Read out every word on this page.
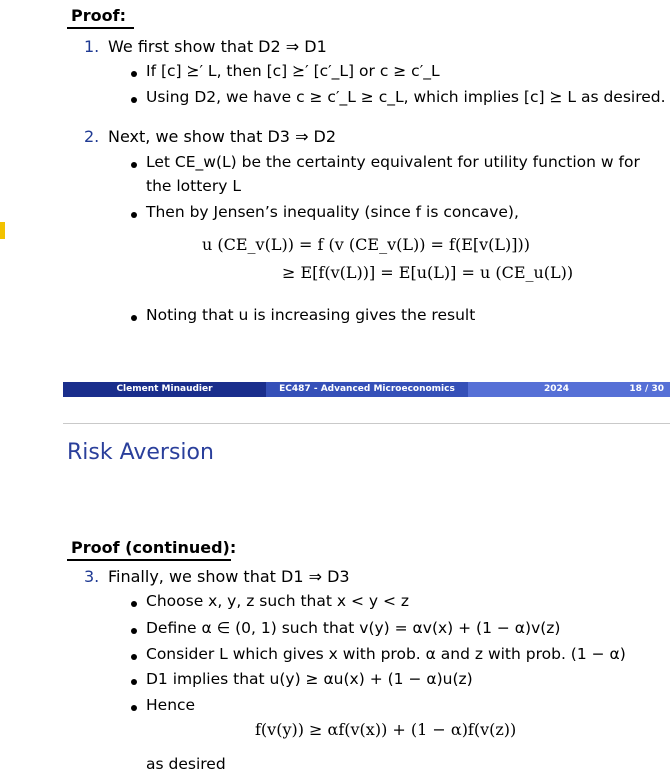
Proof:
1. We first show that D2 ⇒ D1
If [c] ⪰′ L, then [c] ⪰′ [c′_L] or c ≥ c′_L
Using D2, we have c ≥ c′_L ≥ c_L, which implies [c] ⪰ L as desired.
2. Next, we show that D3 ⇒ D2
Let CE_w(L) be the certainty equivalent for utility function w for
the lottery L
Then by Jensen’s inequality (since f is concave),
u (CE_v(L)) = f (v (CE_v(L)) = f(E[v(L)]))
≥ E[f(v(L))] = E[u(L)] = u (CE_u(L))
Noting that u is increasing gives the result
Clement Minaudier	EC487 - Advanced Microeconomics	2024	18 / 30
Risk Aversion
Proof (continued):
3. Finally, we show that D1 ⇒ D3
Choose x, y, z such that x < y < z
Define α ∈ (0, 1) such that v(y) = αv(x) + (1 − α)v(z)
Consider L which gives x with prob. α and z with prob. (1 − α)
D1 implies that u(y) ≥ αu(x) + (1 − α)u(z)
Hence
f(v(y)) ≥ αf(v(x)) + (1 − α)f(v(z))
as desired
